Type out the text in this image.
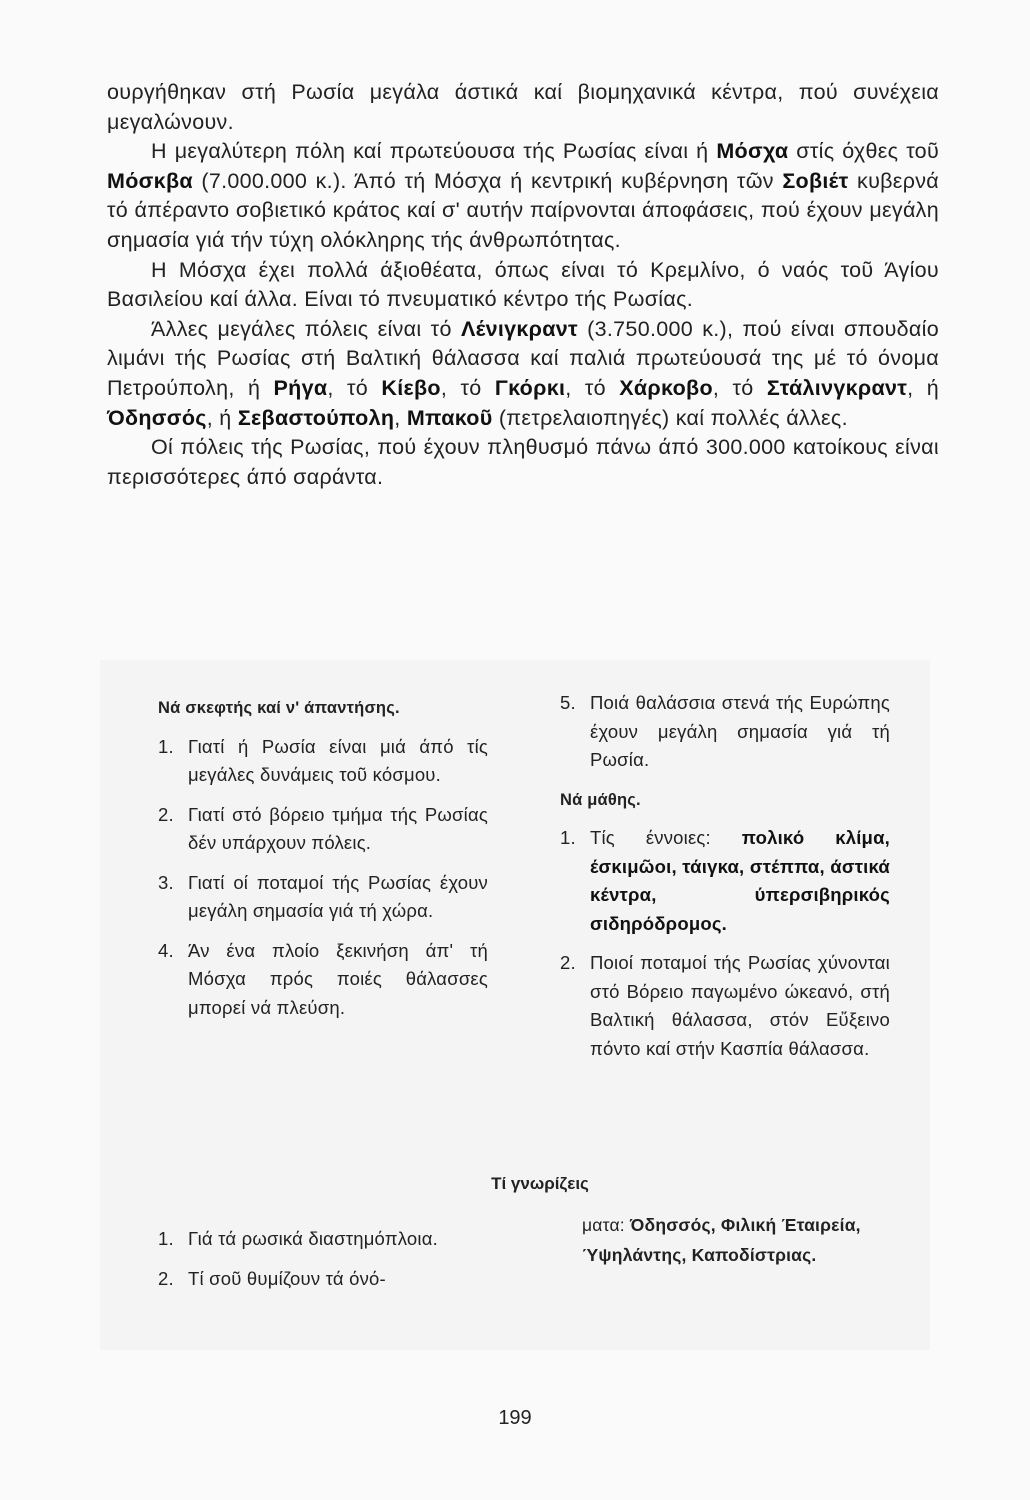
ουργήθηκαν στή Ρωσία μεγάλα άστικά καί βιομηχανικά κέντρα, πού συνέχεια μεγαλώνουν.

Η μεγαλύτερη πόλη καί πρωτεύουσα τής Ρωσίας είναι ή Μόσχα στίς όχθες τοῦ Μόσκβα (7.000.000 κ.). Άπό τή Μόσχα ή κεντρική κυβέρνηση τῶν Σοβιέτ κυβερνά τό άπέραντο σοβιετικό κράτος καί σ' αυτήν παίρνονται άποφάσεις, πού έχουν μεγάλη σημασία γιά τήν τύχη ολόκληρης τής άνθρωπότητας.

Η Μόσχα έχει πολλά άξιοθέατα, όπως είναι τό Κρεμλίνο, ό ναός τοῦ Άγίου Βασιλείου καί άλλα. Είναι τό πνευματικό κέντρο τής Ρωσίας.

Άλλες μεγάλες πόλεις είναι τό Λένιγκραντ (3.750.000 κ.), πού είναι σπουδαίο λιμάνι τής Ρωσίας στή Βαλτική θάλασσα καί παλιά πρωτεύουσά της μέ τό όνομα Πετρούπολη, ή Ρήγα, τό Κίεβο, τό Γκόρκι, τό Χάρκοβο, τό Στάλινγκραντ, ή Όδησσός, ή Σεβαστούπολη, Μπακοῦ (πετρελαιοπηγές) καί πολλές άλλες.

Οί πόλεις τής Ρωσίας, πού έχουν πληθυσμό πάνω άπό 300.000 κατοίκους είναι περισσότερες άπό σαράντα.

Νά σκεφτής καί ν' άπαντήσης.
1. Γιατί ή Ρωσία είναι μιά άπό τίς μεγάλες δυνάμεις τοῦ κόσμου.
2. Γιατί στό βόρειο τμήμα τής Ρωσίας δέν υπάρχουν πόλεις.
3. Γιατί οί ποταμοί τής Ρωσίας έχουν μεγάλη σημασία γιά τή χώρα.
4. Άν ένα πλοίο ξεκινήση άπ' τή Μόσχα πρός ποιές θάλασσες μπορεί νά πλεύση.
5. Ποιά θαλάσσια στενά τής Ευρώπης έχουν μεγάλη σημασία γιά τή Ρωσία.
Νά μάθης.
1. Τίς έννοιες: πολικό κλίμα, έσκιμῶοι, τάιγκα, στέππα, άστικά κέντρα, ύπερσιβηρικός σιδηρόδρομος.
2. Ποιοί ποταμοί τής Ρωσίας χύνονται στό Βόρειο παγωμένο ώκεανό, στή Βαλτική θάλασσα, στόν Εὔξεινο πόντο καί στήν Κασπία θάλασσα.
Τί γνωρίζεις
1. Γιά τά ρωσικά διαστημόπλοια.
2. Τί σοῦ θυμίζουν τά όνό-
ματα: Όδησσός, Φιλική Έταιρεία, Ύψηλάντης, Καποδίστριας.
199
